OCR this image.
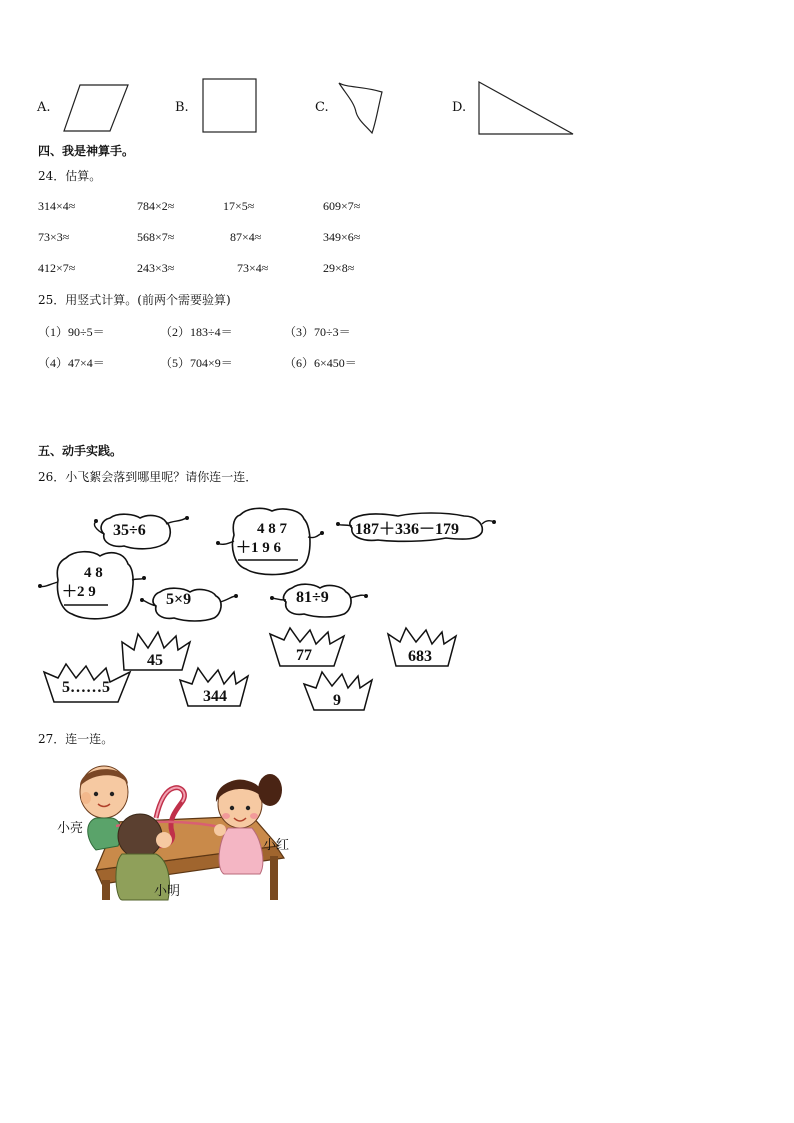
A.	B.	C.	D.
四、我是神算手。
24．估算。
314×4≈	784×2≈	17×5≈	609×7≈
73×3≈	568×7≈	87×4≈	349×6≈
412×7≈	243×3≈	73×4≈	29×8≈
25．用竖式计算。(前两个需要验算)
（1）90÷5＝	（2）183÷4＝	（3）70÷3＝
（4）47×4＝	（5）704×9＝	（6）6×450＝
五、动手实践。
26．小飞絮会落到哪里呢？请你连一连．
35÷6	4 8 7
＋1 9 6
187＋336－179
4 8
＋2 9	5×9	81÷9
45	77	683
5……5
344	9
27．连一连。
小亮
小红
小明
